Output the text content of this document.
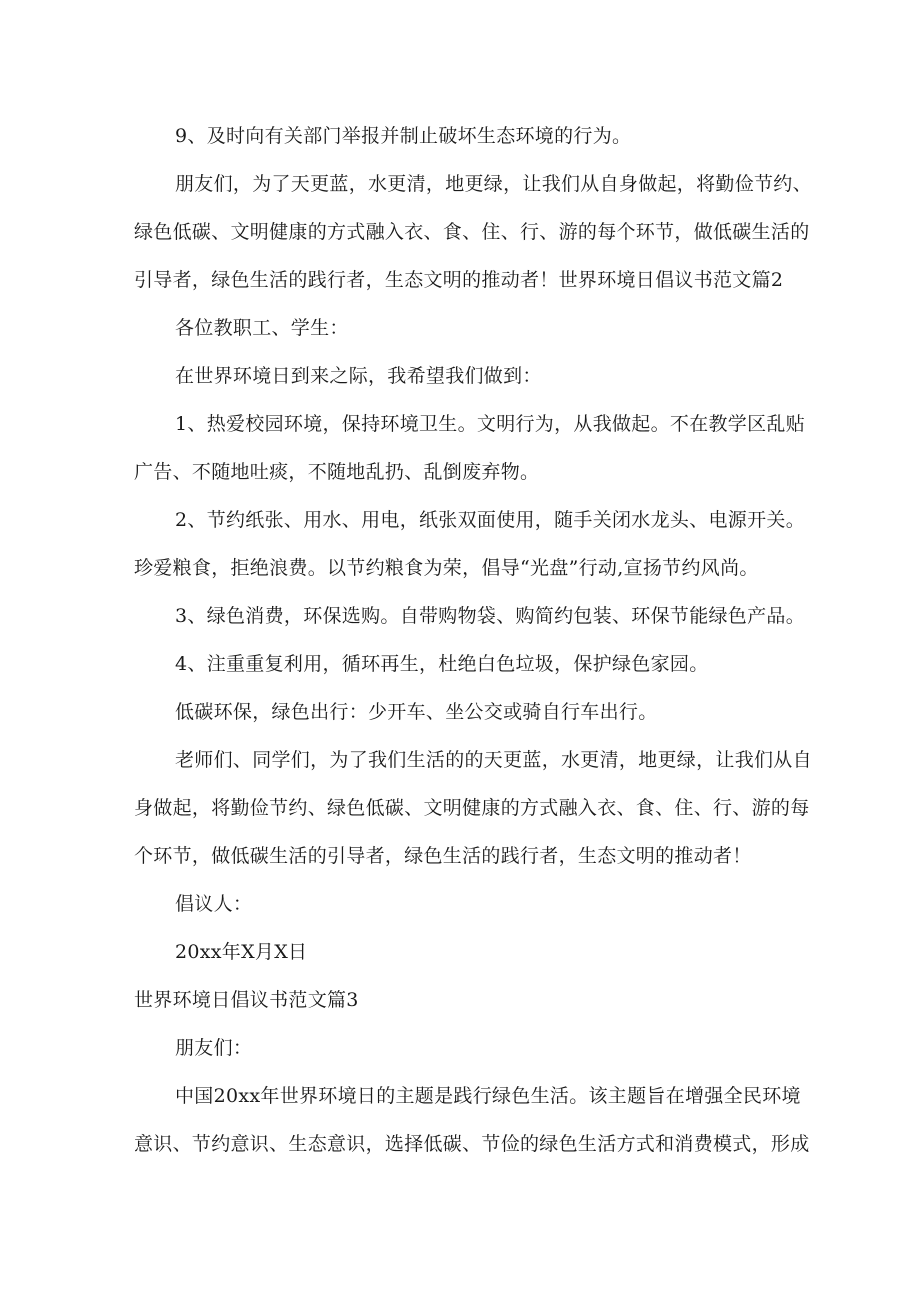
9、及时向有关部门举报并制止破坏生态环境的行为。
朋友们，为了天更蓝，水更清，地更绿，让我们从自身做起，将勤俭节约、
绿色低碳、文明健康的方式融入衣、食、住、行、游的每个环节，做低碳生活的
引导者，绿色生活的践行者，生态文明的推动者！世界环境日倡议书范文篇2
各位教职工、学生：
在世界环境日到来之际，我希望我们做到：
1、热爱校园环境，保持环境卫生。文明行为，从我做起。不在教学区乱贴
广告、不随地吐痰，不随地乱扔、乱倒废弃物。
2、节约纸张、用水、用电，纸张双面使用，随手关闭水龙头、电源开关。
珍爱粮食，拒绝浪费。以节约粮食为荣，倡导“光盘”行动,宣扬节约风尚。
3、绿色消费，环保选购。自带购物袋、购简约包装、环保节能绿色产品。
4、注重重复利用，循环再生，杜绝白色垃圾，保护绿色家园。
低碳环保，绿色出行：少开车、坐公交或骑自行车出行。
老师们、同学们，为了我们生活的的天更蓝，水更清，地更绿，让我们从自
身做起，将勤俭节约、绿色低碳、文明健康的方式融入衣、食、住、行、游的每
个环节，做低碳生活的引导者，绿色生活的践行者，生态文明的推动者！
倡议人：
20xx年X月X日
世界环境日倡议书范文篇3
朋友们：
中国20xx年世界环境日的主题是践行绿色生活。该主题旨在增强全民环境
意识、节约意识、生态意识，选择低碳、节俭的绿色生活方式和消费模式，形成
